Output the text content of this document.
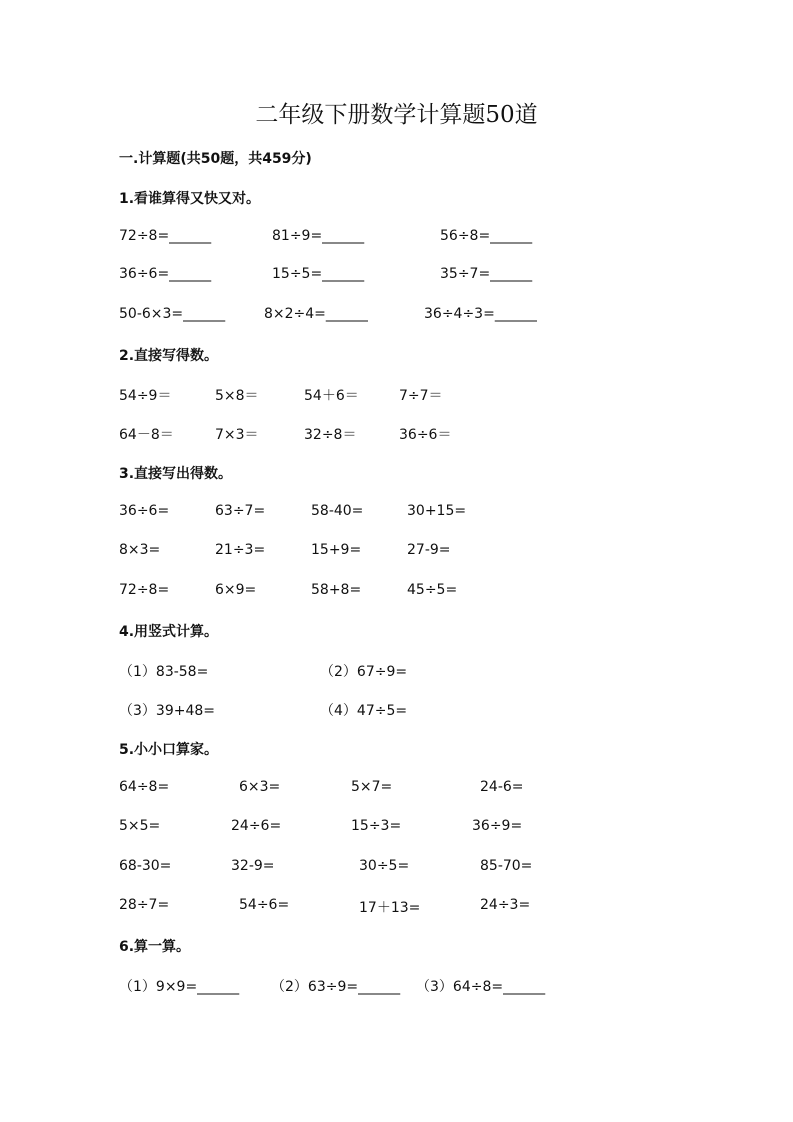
二年级下册数学计算题50道
一.计算题(共50题，共459分)
1.看谁算得又快又对。
72÷8=______	81÷9=______	56÷8=______
36÷6=______	15÷5=______	35÷7=______
50-6×3=______	8×2÷4=______	36÷4÷3=______
2.直接写得数。
54÷9＝	5×8＝	54＋6＝	7÷7＝
64－8＝	7×3＝	32÷8＝	36÷6＝
3.直接写出得数。
36÷6=	63÷7=	58-40=	30+15=
8×3=	21÷3=	15+9=	27-9=
72÷8=	6×9=	58+8=	45÷5=
4.用竖式计算。
（1）83-58=	（2）67÷9=
（3）39+48=	（4）47÷5=
5.小小口算家。
64÷8=	6×3=	5×7=	24-6=
5×5=	24÷6=	15÷3=	36÷9=
68-30=	32-9=	30÷5=	85-70=
28÷7=	54÷6=	17＋13=	24÷3=
6.算一算。
（1）9×9=______ （2）63÷9=______ （3）64÷8=______
